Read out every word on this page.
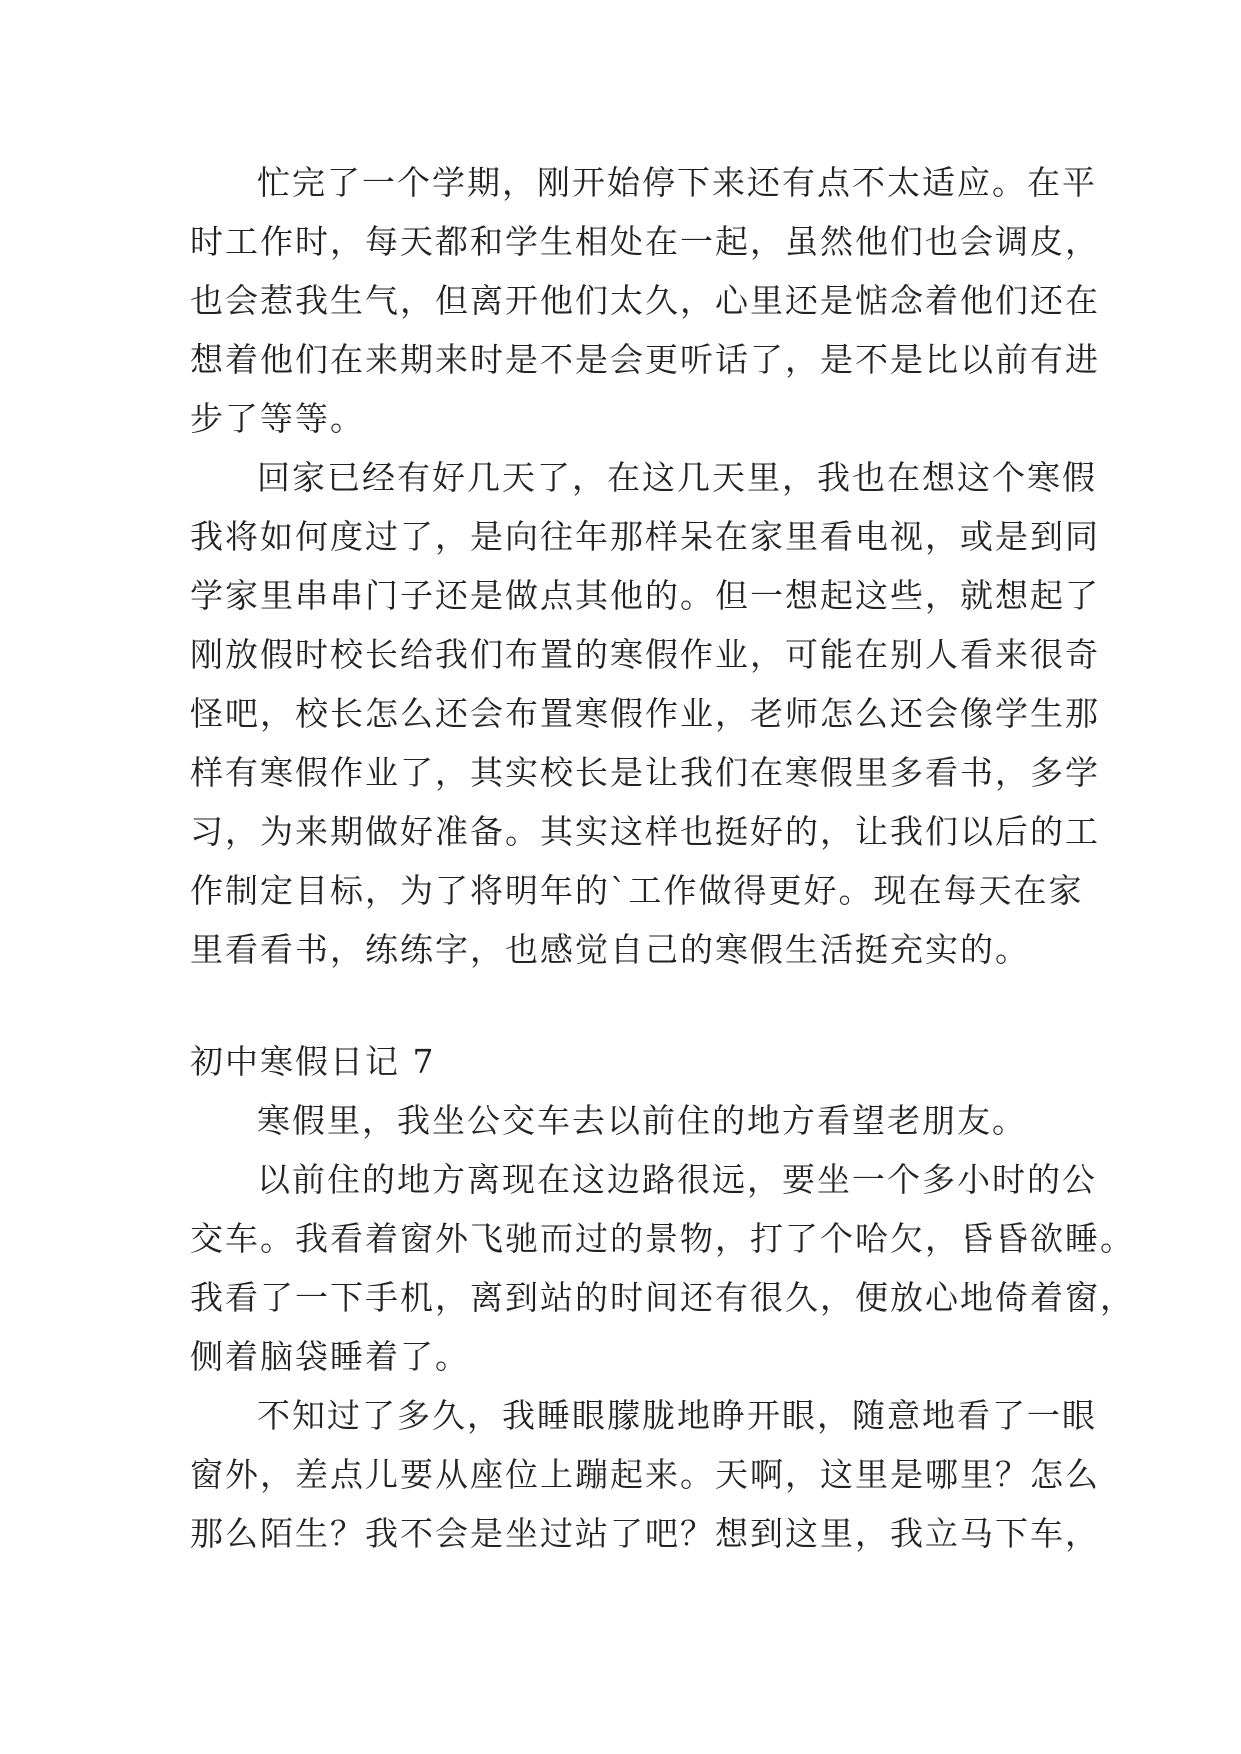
忙完了一个学期，刚开始停下来还有点不太适应。在平
时工作时，每天都和学生相处在一起，虽然他们也会调皮，
也会惹我生气，但离开他们太久，心里还是惦念着他们还在
想着他们在来期来时是不是会更听话了，是不是比以前有进
步了等等。
回家已经有好几天了，在这几天里，我也在想这个寒假
我将如何度过了，是向往年那样呆在家里看电视，或是到同
学家里串串门子还是做点其他的。但一想起这些，就想起了
刚放假时校长给我们布置的寒假作业，可能在别人看来很奇
怪吧，校长怎么还会布置寒假作业，老师怎么还会像学生那
样有寒假作业了，其实校长是让我们在寒假里多看书，多学
习，为来期做好准备。其实这样也挺好的，让我们以后的工
作制定目标，为了将明年的`工作做得更好。现在每天在家
里看看书，练练字，也感觉自己的寒假生活挺充实的。
初中寒假日记 7
寒假里，我坐公交车去以前住的地方看望老朋友。
以前住的地方离现在这边路很远，要坐一个多小时的公
交车。我看着窗外飞驰而过的景物，打了个哈欠，昏昏欲睡。
我看了一下手机，离到站的时间还有很久，便放心地倚着窗，
侧着脑袋睡着了。
不知过了多久，我睡眼朦胧地睁开眼，随意地看了一眼
窗外，差点儿要从座位上蹦起来。天啊，这里是哪里？怎么
那么陌生？我不会是坐过站了吧？想到这里，我立马下车，
